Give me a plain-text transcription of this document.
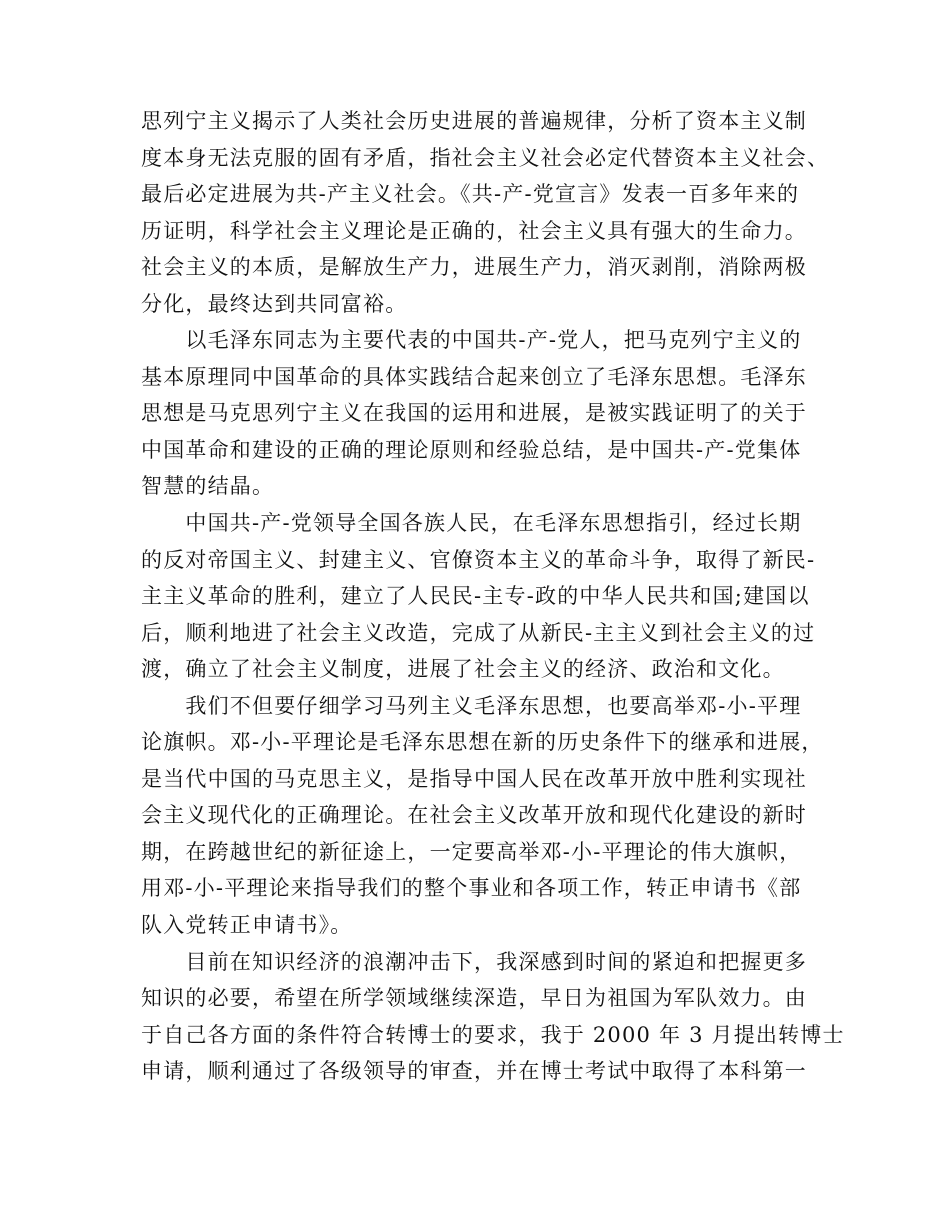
思列宁主义揭示了人类社会历史进展的普遍规律，分析了资本主义制
度本身无法克服的固有矛盾，指社会主义社会必定代替资本主义社会、
最后必定进展为共-产主义社会。《共-产-党宣言》发表一百多年来的
历证明，科学社会主义理论是正确的，社会主义具有强大的生命力。
社会主义的本质，是解放生产力，进展生产力，消灭剥削，消除两极
分化，最终达到共同富裕。
　　以毛泽东同志为主要代表的中国共-产-党人，把马克列宁主义的
基本原理同中国革命的具体实践结合起来创立了毛泽东思想。毛泽东
思想是马克思列宁主义在我国的运用和进展，是被实践证明了的关于
中国革命和建设的正确的理论原则和经验总结，是中国共-产-党集体
智慧的结晶。
　　中国共-产-党领导全国各族人民，在毛泽东思想指引，经过长期
的反对帝国主义、封建主义、官僚资本主义的革命斗争，取得了新民-
主主义革命的胜利，建立了人民民-主专-政的中华人民共和国;建国以
后，顺利地进了社会主义改造，完成了从新民-主主义到社会主义的过
渡，确立了社会主义制度，进展了社会主义的经济、政治和文化。
　　我们不但要仔细学习马列主义毛泽东思想，也要高举邓-小-平理
论旗帜。邓-小-平理论是毛泽东思想在新的历史条件下的继承和进展，
是当代中国的马克思主义，是指导中国人民在改革开放中胜利实现社
会主义现代化的正确理论。在社会主义改革开放和现代化建设的新时
期，在跨越世纪的新征途上，一定要高举邓-小-平理论的伟大旗帜，
用邓-小-平理论来指导我们的整个事业和各项工作，转正申请书《部
队入党转正申请书》。
　　目前在知识经济的浪潮冲击下，我深感到时间的紧迫和把握更多
知识的必要，希望在所学领域继续深造，早日为祖国为军队效力。由
于自己各方面的条件符合转博士的要求，我于 2000 年 3 月提出转博士
申请，顺利通过了各级领导的审查，并在博士考试中取得了本科第一
